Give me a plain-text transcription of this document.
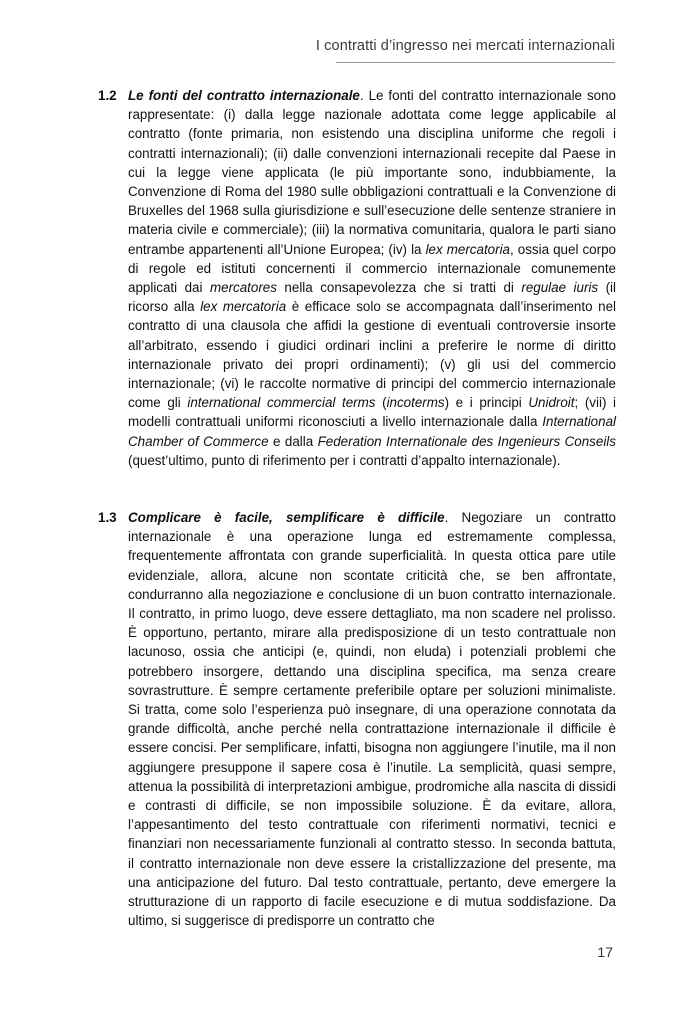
I contratti d’ingresso nei mercati internazionali
1.2 Le fonti del contratto internazionale. Le fonti del contratto internazionale sono rappresentate: (i) dalla legge nazionale adottata come legge applicabile al contratto (fonte primaria, non esistendo una disciplina uniforme che regoli i contratti internazionali); (ii) dalle convenzioni internazionali recepite dal Paese in cui la legge viene applicata (le più importante sono, indubbiamente, la Convenzione di Roma del 1980 sulle obbligazioni contrattuali e la Convenzione di Bruxelles del 1968 sulla giurisdizione e sull’esecuzione delle sentenze straniere in materia civile e commerciale); (iii) la normativa comunitaria, qualora le parti siano entrambe appartenenti all’Unione Europea; (iv) la lex mercatoria, ossia quel corpo di regole ed istituti concernenti il commercio internazionale comunemente applicati dai mercatores nella consapevolezza che si tratti di regulae iuris (il ricorso alla lex mercatoria è efficace solo se accompagnata dall’inserimento nel contratto di una clausola che affidi la gestione di eventuali controversie insorte all’arbitrato, essendo i giudici ordinari inclini a preferire le norme di diritto internazionale privato dei propri ordinamenti); (v) gli usi del commercio internazionale; (vi) le raccolte normative di principi del commercio internazionale come gli international commercial terms (incoterms) e i principi Unidroit; (vii) i modelli contrattuali uniformi riconosciuti a livello internazionale dalla International Chamber of Commerce e dalla Federation Internationale des Ingenieurs Conseils (quest’ultimo, punto di riferimento per i contratti d’appalto internazionale).

1.3 Complicare è facile, semplificare è difficile. Negoziare un contratto internazionale è una operazione lunga ed estremamente complessa, frequentemente affrontata con grande superficialità. In questa ottica pare utile evidenziale, allora, alcune non scontate criticità che, se ben affrontate, condurranno alla negoziazione e conclusione di un buon contratto internazionale. Il contratto, in primo luogo, deve essere dettagliato, ma non scadere nel prolisso. È opportuno, pertanto, mirare alla predisposizione di un testo contrattuale non lacunoso, ossia che anticipi (e, quindi, non eluda) i potenziali problemi che potrebbero insorgere, dettando una disciplina specifica, ma senza creare sovrastrutture. È sempre certamente preferibile optare per soluzioni minimaliste. Si tratta, come solo l’esperienza può insegnare, di una operazione connotata da grande difficoltà, anche perché nella contrattazione internazionale il difficile è essere concisi. Per semplificare, infatti, bisogna non aggiungere l’inutile, ma il non aggiungere presuppone il sapere cosa è l’inutile. La semplicità, quasi sempre, attenua la possibilità di interpretazioni ambigue, prodromiche alla nascita di dissidi e contrasti di difficile, se non impossibile soluzione. È da evitare, allora, l’appesantimento del testo contrattuale con riferimenti normativi, tecnici e finanziari non necessariamente funzionali al contratto stesso. In seconda battuta, il contratto internazionale non deve essere la cristallizzazione del presente, ma una anticipazione del futuro. Dal testo contrattuale, pertanto, deve emergere la strutturazione di un rapporto di facile esecuzione e di mutua soddisfazione. Da ultimo, si suggerisce di predisporre un contratto che

17
